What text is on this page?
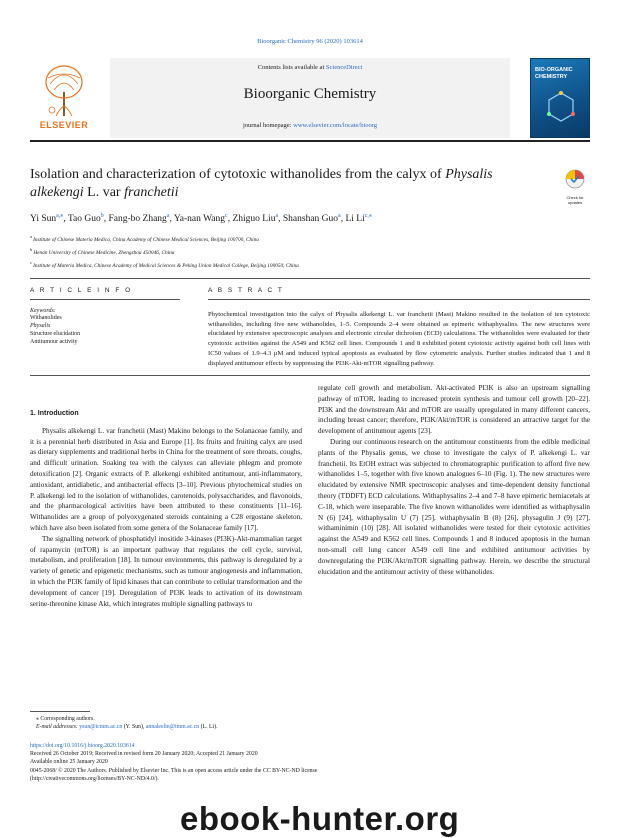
Bioorganic Chemistry 96 (2020) 103614
ELSEVIER
Contents lists available at ScienceDirect
Bioorganic Chemistry
journal homepage: www.elsevier.com/locate/bioorg
BIO-ORGANIC CHEMISTRY
Isolation and characterization of cytotoxic withanolides from the calyx of Physalis alkekengi L. var franchetii	Check for
updates
Yi Sun$^{a,⁎}$, Tao Guo$^b$, Fang-bo Zhang$^a$, Ya-nan Wang$^c$, Zhiguo Liu$^a$, Shanshan Guo$^a$, Li $Li^{c,⁎}$
$^a$ Institute of Chinese Materia Medica, China Academy of Chinese Medical Sciences, Beijing 100700, China
$^b$ Henan University of Chinese Medicine, Zhengzhou 450046, China
$^c$ Institute of Materia Medica, Chinese Academy of Medical Sciences & Peking Union Medical College, Beijing 100050, China
A R T I C L E I N F O	A B S T R A C T
Keywords:
Withanolides
Physalis
Structure elucidation
Antitumour activity
Phytochemical investigation into the calyx of Physalis alkekengi L. var franchetii (Mast) Makino resulted in the isolation of ten cytotoxic withanolides, including five new withanolides, 1–5. Compounds 2–4 were obtained as epimeric withaphysalins. The new structures were elucidated by extensive spectroscopic analyses and electronic circular dichroism (ECD) calculations. The withanolides were evaluated for their cytotoxic activities against the A549 and K562 cell lines. Compounds 1 and 8 exhibited potent cytotoxic activity against both cell lines with IC50 values of 1.9–4.3 μM and induced typical apoptosis as evaluated by flow cytometric analysis. Further studies indicated that 1 and 8 displayed antitumour effects by suppressing the PI3K-Akt-mTOR signalling pathway.
1. Introduction

Physalis alkekengi L. var franchetii (Mast) Makino belongs to the Solanaceae family, and it is a perennial herb distributed in Asia and Europe [1]. Its fruits and fruiting calyx are used as dietary supplements and traditional herbs in China for the treatment of sore throats, coughs, and difficult urination. Soaking tea with the calyxes can alleviate phlegm and promote detoxification [2]. Organic extracts of P. alkekengi exhibited antitumour, anti-inflammatory, antioxidant, antidiabetic, and antibacterial effects [3–10]. Previous phytochemical studies on P. alkekengi led to the isolation of withanolides, carotenoids, polysaccharides, and flavonoids, and the pharmacological activities have been attributed to these constituents [11–16]. Withanolides are a group of polyoxygenated steroids containing a C28 ergostane skeleton, which have also been isolated from some genera of the Solanaceae family [17].

The signalling network of phosphatidyl inositide 3-kinases (PI3K)-Akt-mammalian target of rapamycin (mTOR) is an important pathway that regulates the cell cycle, survival, metabolism, and proliferation [18]. In tumour environments, this pathway is deregulated by a variety of genetic and epigenetic mechanisms, such as tumour angiogenesis and inflammation, in which the PI3K family of lipid kinases that can contribute to cellular transformation and the development of cancer [19]. Deregulation of PI3K leads to activation of its downstream serine-threonine kinase Akt, which integrates multiple signalling pathways to

regulate cell growth and metabolism. Akt-activated PI3K is also an upstream signalling pathway of mTOR, leading to increased protein synthesis and tumour cell growth [20–22]. PI3K and the downstream Akt and mTOR are usually upregulated in many different cancers, including breast cancer; therefore, PI3K/Akt/mTOR is considered an attractive target for the development of antitumour agents [23].

During our continuous research on the antitumour constituents from the edible medicinal plants of the Physalis genus, we chose to investigate the calyx of P. alkekengi L. var franchetii. Its EtOH extract was subjected to chromatographic purification to afford five new withanolides 1–5, together with five known analogues 6–10 (Fig. 1). The new structures were elucidated by extensive NMR spectroscopic analyses and time-dependent density functional theory (TDDFT) ECD calculations. Withaphysalins 2–4 and 7–8 have epimeric hemiacetals at C-18, which were inseparable. The five known withanolides were identified as withaphysalin N (6) [24], withaphysalin U (7) [25], withaphysalin B (8) [26], physagulin J (9) [27], withaminimin (10) [28]. All isolated withanolides were tested for their cytotoxic activities against the A549 and K562 cell lines. Compounds 1 and 8 induced apoptosis in the human non-small cell lung cancer A549 cell line and exhibited antitumour activities by downregulating the PI3K/Akt/mTOR signalling pathway. Herein, we describe the structural elucidation and the antitumour activity of these withanolides.

⁎ Corresponding authors.
E-mail addresses: ysun@icmm.ac.cn (Y. Sun), annaleelin@imm.ac.cn (L. Li).
https://doi.org/10.1016/j.bioorg.2020.103614
Received 26 October 2019; Received in revised form 20 January 2020; Accepted 21 January 2020
Available online 25 January 2020
0045-2068/ © 2020 The Authors. Published by Elsevier Inc. This is an open access article under the CC BY-NC-ND license
(http://creativecommons.org/licenses/BY-NC-ND/4.0/).
ebook-hunter.org
